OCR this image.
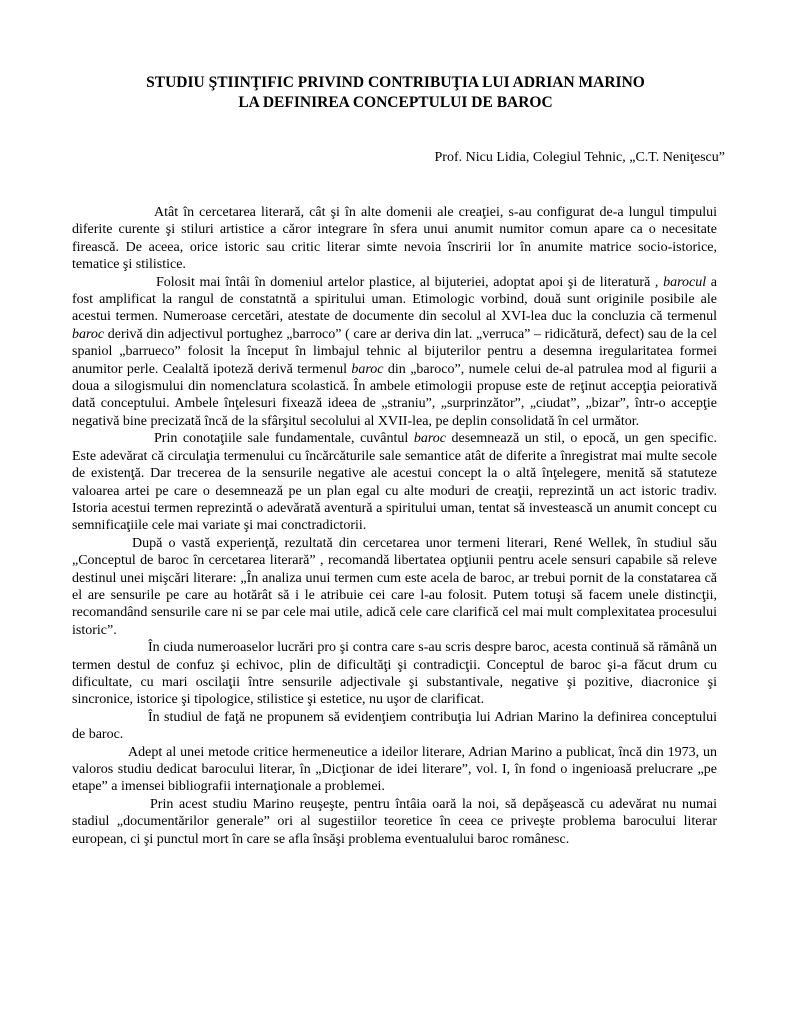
STUDIU ŞTIINŢIFIC PRIVIND CONTRIBUŢIA LUI ADRIAN MARINO
LA DEFINIREA CONCEPTULUI DE BAROC
Prof. Nicu Lidia, Colegiul Tehnic, „C.T. Neniţescu”

Atât în cercetarea literară, cât şi în alte domenii ale creaţiei, s-au configurat de-a lungul timpului diferite curente şi stiluri artistice a căror integrare în sfera unui anumit numitor comun apare ca o necesitate firească. De aceea, orice istoric sau critic literar simte nevoia înscririi lor în anumite matrice socio-istorice, tematice şi stilistice.

Folosit mai întâi în domeniul artelor plastice, al bijuteriei, adoptat apoi şi de literatură , barocul a fost amplificat la rangul de constatntă a spiritului uman. Etimologic vorbind, două sunt originile posibile ale acestui termen. Numeroase cercetări, atestate de documente din secolul al XVI-lea duc la concluzia că termenul baroc derivă din adjectivul portughez „barroco” ( care ar deriva din lat. „verruca” – ridicătură, defect) sau de la cel spaniol „barrueco” folosit la început în limbajul tehnic al bijuterilor pentru a desemna iregularitatea formei anumitor perle. Cealaltă ipoteză derivă termenul baroc din „baroco”, numele celui de-al patrulea mod al figurii a doua a silogismului din nomenclatura scolastică. În ambele etimologii propuse este de reţinut accepţia peiorativă dată conceptului. Ambele înţelesuri fixează ideea de „straniu”, „surprinzător”, „ciudat”, „bizar”, într-o accepţie negativă bine precizată încă de la sfârşitul secolului al XVII-lea, pe deplin consolidată în cel următor.

Prin conotaţiile sale fundamentale, cuvântul baroc desemnează un stil, o epocă, un gen specific. Este adevărat că circulaţia termenului cu încărcăturile sale semantice atât de diferite a înregistrat mai multe secole de existenţă. Dar trecerea de la sensurile negative ale acestui concept la o altă înţelegere, menită să statuteze valoarea artei pe care o desemnează pe un plan egal cu alte moduri de creaţii, reprezintă un act istoric tradiv. Istoria acestui termen reprezintă o adevărată aventură a spiritului uman, tentat să investească un anumit concept cu semnificaţiile cele mai variate şi mai conctradictorii.

După o vastă experienţă, rezultată din cercetarea unor termeni literari, René Wellek, în studiul său „Conceptul de baroc în cercetarea literară” , recomandă libertatea opţiunii pentru acele sensuri capabile să releve destinul unei mişcări literare: „În analiza unui termen cum este acela de baroc, ar trebui pornit de la constatarea că el are sensurile pe care au hotărât să i le atribuie cei care l-au folosit. Putem totuşi să facem unele distincţii, recomandând sensurile care ni se par cele mai utile, adică cele care clarifică cel mai mult complexitatea procesului istoric”.

În ciuda numeroaselor lucrări pro şi contra care s-au scris despre baroc, acesta continuă să rămână un termen destul de confuz şi echivoc, plin de dificultăţi şi contradicţii. Conceptul de baroc şi-a făcut drum cu dificultate, cu mari oscilaţii între sensurile adjectivale şi substantivale, negative şi pozitive, diacronice şi sincronice, istorice şi tipologice, stilistice şi estetice, nu uşor de clarificat.

În studiul de faţă ne propunem să evidenţiem contribuţia lui Adrian Marino la definirea conceptului de baroc.

Adept al unei metode critice hermeneutice a ideilor literare, Adrian Marino a publicat, încă din 1973, un valoros studiu dedicat barocului literar, în „Dicţionar de idei literare”, vol. I, în fond o ingenioasă prelucrare „pe etape” a imensei bibliografii internaţionale a problemei.

Prin acest studiu Marino reuşeşte, pentru întâia oară la noi, să depăşească cu adevărat nu numai stadiul „documentărilor generale” ori al sugestiilor teoretice în ceea ce priveşte problema barocului literar european, ci şi punctul mort în care se afla însăşi problema eventualului baroc românesc.
